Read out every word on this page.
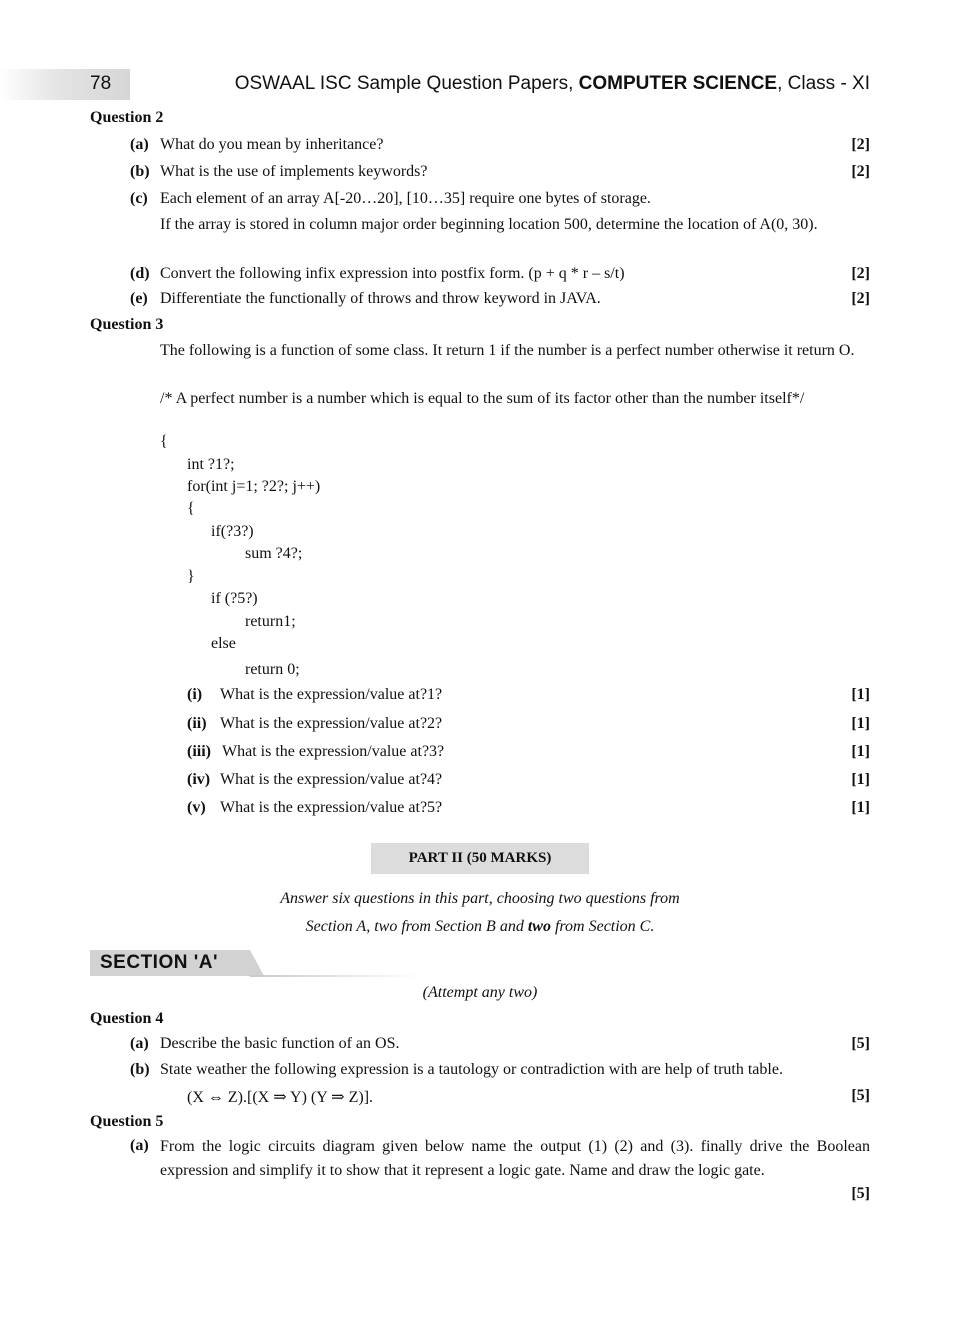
78	OSWAAL ISC Sample Question Papers, COMPUTER SCIENCE, Class - XI
Question 2
(a) What do you mean by inheritance?	[2]
(b) What is the use of implements keywords?	[2]
(c) Each element of an array A[-20…20], [10…35] require one bytes of storage.
If the array is stored in column major order beginning location 500, determine the location of A(0, 30).
(d) Convert the following infix expression into postfix form. (p + q * r – s/t)	[2]
(e) Differentiate the functionally of throws and throw keyword in JAVA.	[2]
Question 3
The following is a function of some class. It return 1 if the number is a perfect number otherwise it return O.
/* A perfect number is a number which is equal to the sum of its factor other than the number itself*/
{
int ?1?;
for(int j=1; ?2?; j++)
{
if(?3?)
sum ?4?;
}
if (?5?)
return1;
else
return 0;
(i) What is the expression/value at?1?	[1]
(ii) What is the expression/value at?2?	[1]
(iii) What is the expression/value at?3?	[1]
(iv) What is the expression/value at?4?	[1]
(v) What is the expression/value at?5?	[1]
PART II (50 MARKS)
Answer six questions in this part, choosing two questions from
Section A, two from Section B and two from Section C.
SECTION 'A'
(Attempt any two)
Question 4
(a) Describe the basic function of an OS.	[5]
(b) State weather the following expression is a tautology or contradiction with are help of truth table.
(X ⇔ Z).[(X ⇒ Y) (Y ⇒ Z)].	[5]
Question 5
(a) From the logic circuits diagram given below name the output (1) (2) and (3). finally drive the Boolean expression and simplify it to show that it represent a logic gate. Name and draw the logic gate.
[5]
